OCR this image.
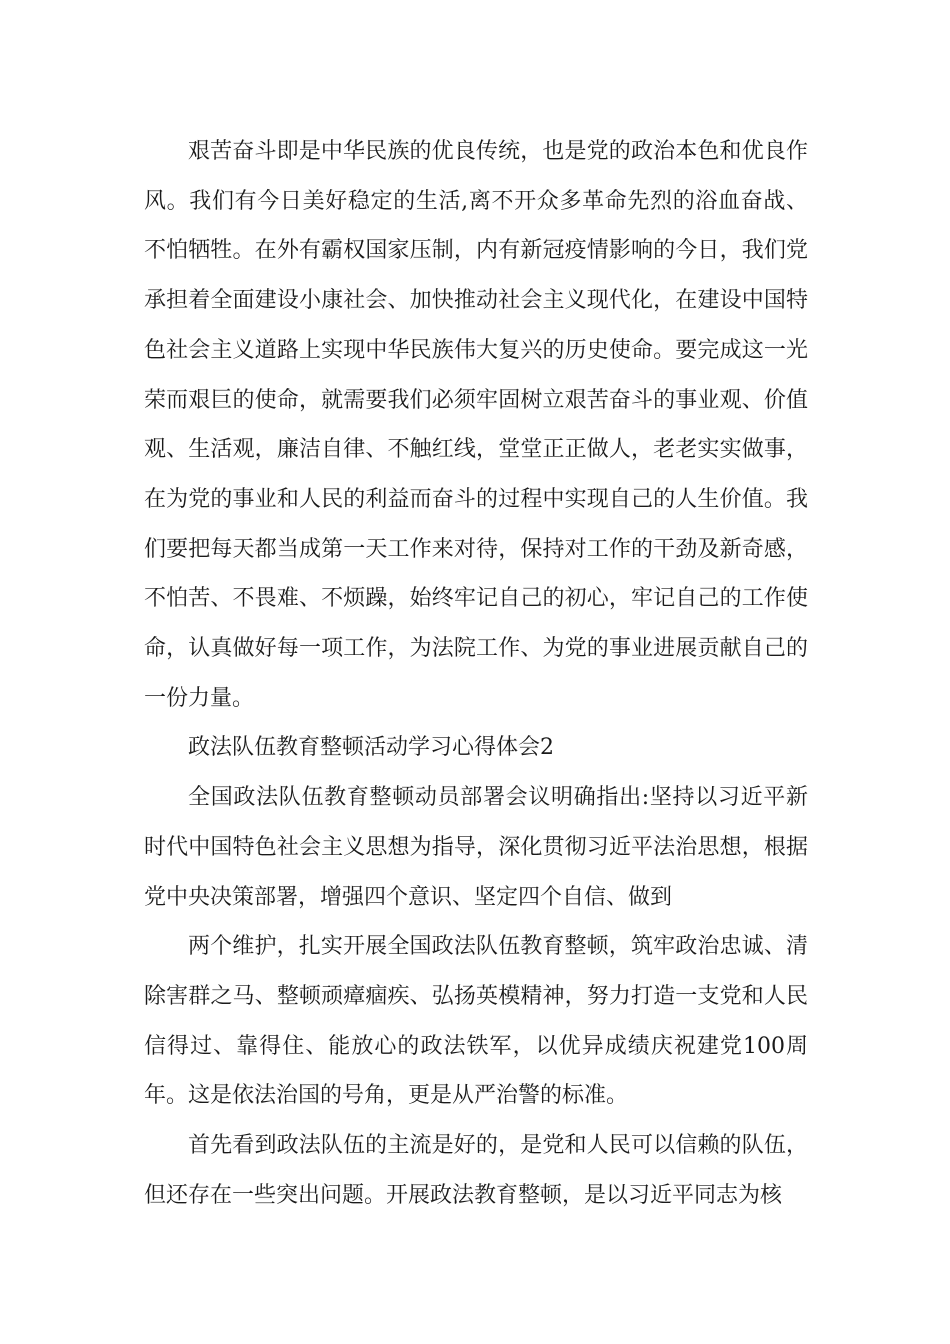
艰苦奋斗即是中华民族的优良传统，也是党的政治本色和优良作风。我们有今日美好稳定的生活,离不开众多革命先烈的浴血奋战、不怕牺牲。在外有霸权国家压制，内有新冠疫情影响的今日，我们党承担着全面建设小康社会、加快推动社会主义现代化，在建设中国特色社会主义道路上实现中华民族伟大复兴的历史使命。要完成这一光荣而艰巨的使命，就需要我们必须牢固树立艰苦奋斗的事业观、价值观、生活观，廉洁自律、不触红线，堂堂正正做人，老老实实做事，在为党的事业和人民的利益而奋斗的过程中实现自己的人生价值。我们要把每天都当成第一天工作来对待，保持对工作的干劲及新奇感，不怕苦、不畏难、不烦躁，始终牢记自己的初心，牢记自己的工作使命，认真做好每一项工作，为法院工作、为党的事业进展贡献自己的一份力量。

政法队伍教育整顿活动学习心得体会2

全国政法队伍教育整顿动员部署会议明确指出:坚持以习近平新时代中国特色社会主义思想为指导，深化贯彻习近平法治思想，根据党中央决策部署，增强四个意识、坚定四个自信、做到

两个维护，扎实开展全国政法队伍教育整顿，筑牢政治忠诚、清除害群之马、整顿顽瘴痼疾、弘扬英模精神，努力打造一支党和人民信得过、靠得住、能放心的政法铁军，以优异成绩庆祝建党100周年。这是依法治国的号角，更是从严治警的标准。

首先看到政法队伍的主流是好的，是党和人民可以信赖的队伍，但还存在一些突出问题。开展政法教育整顿，是以习近平同志为核
